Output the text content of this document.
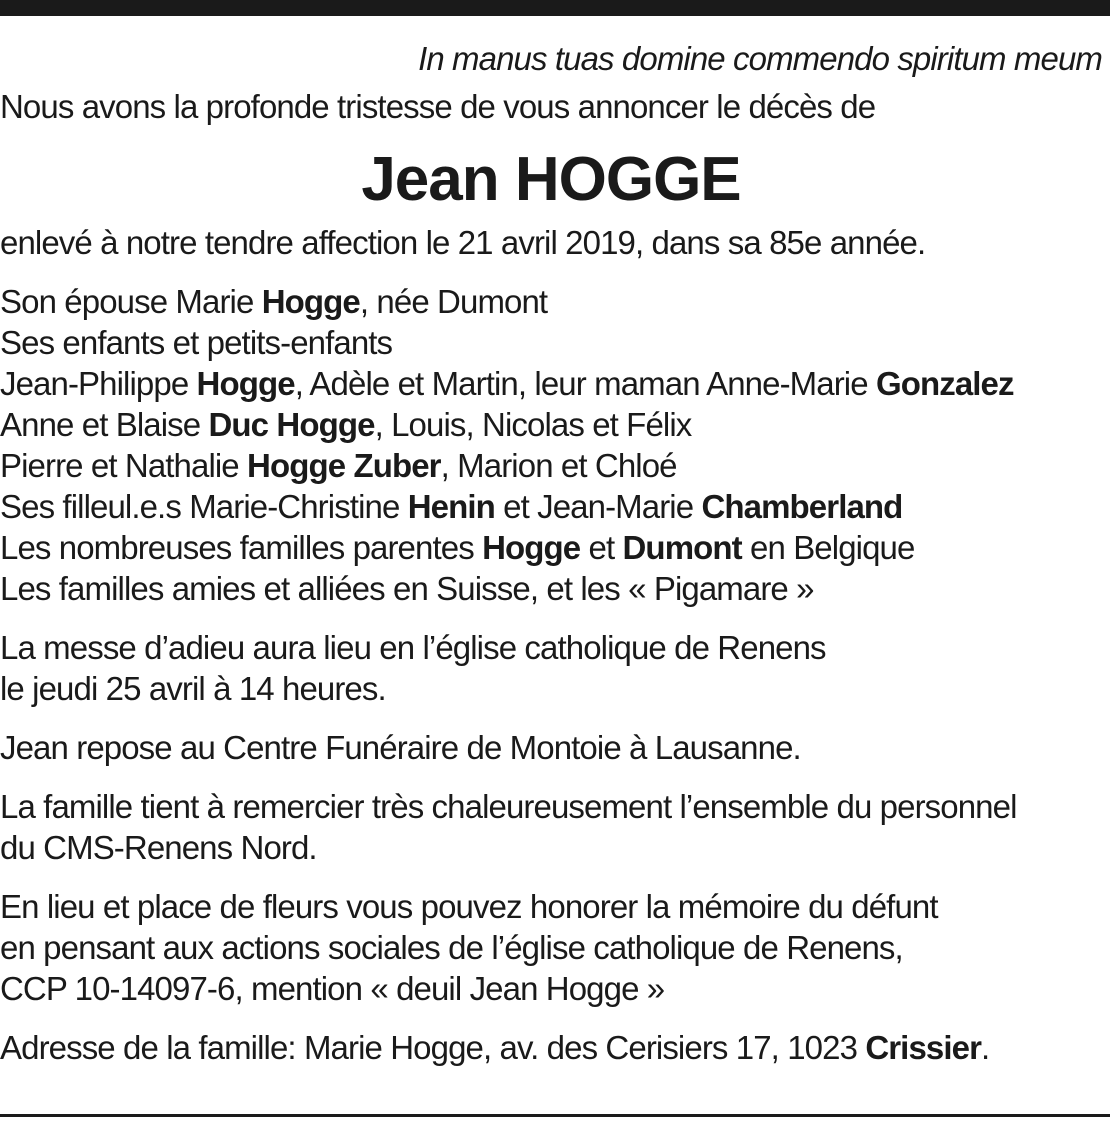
In manus tuas domine commendo spiritum meum

Nous avons la profonde tristesse de vous annoncer le décès de

Jean HOGGE

enlevé à notre tendre affection le 21 avril 2019, dans sa 85e année.

Son épouse Marie Hogge, née Dumont

Ses enfants et petits-enfants

Jean-Philippe Hogge, Adèle et Martin, leur maman Anne-Marie Gonzalez

Anne et Blaise Duc Hogge, Louis, Nicolas et Félix

Pierre et Nathalie Hogge Zuber, Marion et Chloé

Ses filleul.e.s Marie-Christine Henin et Jean-Marie Chamberland

Les nombreuses familles parentes Hogge et Dumont en Belgique

Les familles amies et alliées en Suisse, et les « Pigamare »

La messe d’adieu aura lieu en l’église catholique de Renens

le jeudi 25 avril à 14 heures.

Jean repose au Centre Funéraire de Montoie à Lausanne.

La famille tient à remercier très chaleureusement l’ensemble du personnel

du CMS-Renens Nord.

En lieu et place de fleurs vous pouvez honorer la mémoire du défunt

en pensant aux actions sociales de l’église catholique de Renens,

CCP 10-14097-6, mention « deuil Jean Hogge »

Adresse de la famille: Marie Hogge, av. des Cerisiers 17, 1023 Crissier.
